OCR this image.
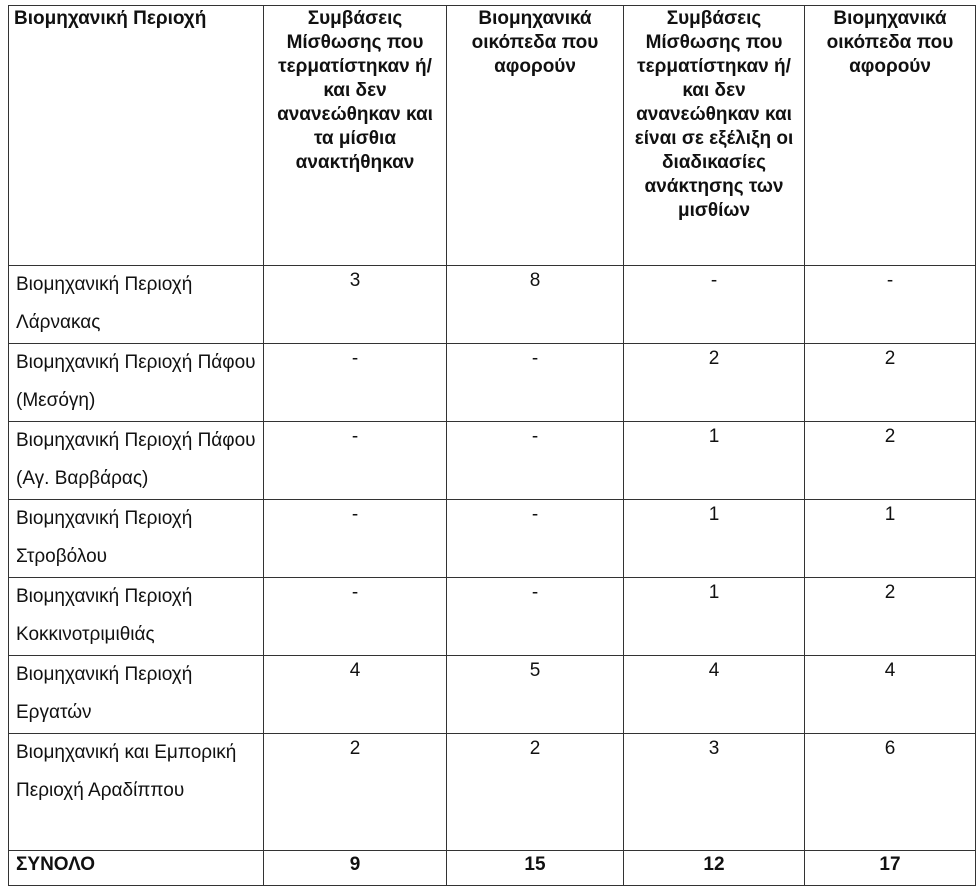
Βιομηχανική Περιοχή	Συμβάσεις Μίσθωσης που τερματίστηκαν ή/και δεν ανανεώθηκαν και τα μίσθια ανακτήθηκαν	Βιομηχανικά οικόπεδα που αφορούν	Συμβάσεις Μίσθωσης που τερματίστηκαν ή/και δεν ανανεώθηκαν και είναι σε εξέλιξη οι διαδικασίες ανάκτησης των μισθίων	Βιομηχανικά οικόπεδα που αφορούν

Βιομηχανική Περιοχή Λάρνακας	3	8	-	-
Βιομηχανική Περιοχή Πάφου (Μεσόγη)	-	-	2	2
Βιομηχανική Περιοχή Πάφου (Αγ. Βαρβάρας)	-	-	1	2
Βιομηχανική Περιοχή Στροβόλου	-	-	1	1
Βιομηχανική Περιοχή Κοκκινοτριμιθιάς	-	-	1	2
Βιομηχανική Περιοχή Εργατών	4	5	4	4
Βιομηχανική και Εμπορική Περιοχή Αραδίππου	2	2	3	6
ΣΥΝΟΛΟ	9	15	12	17
